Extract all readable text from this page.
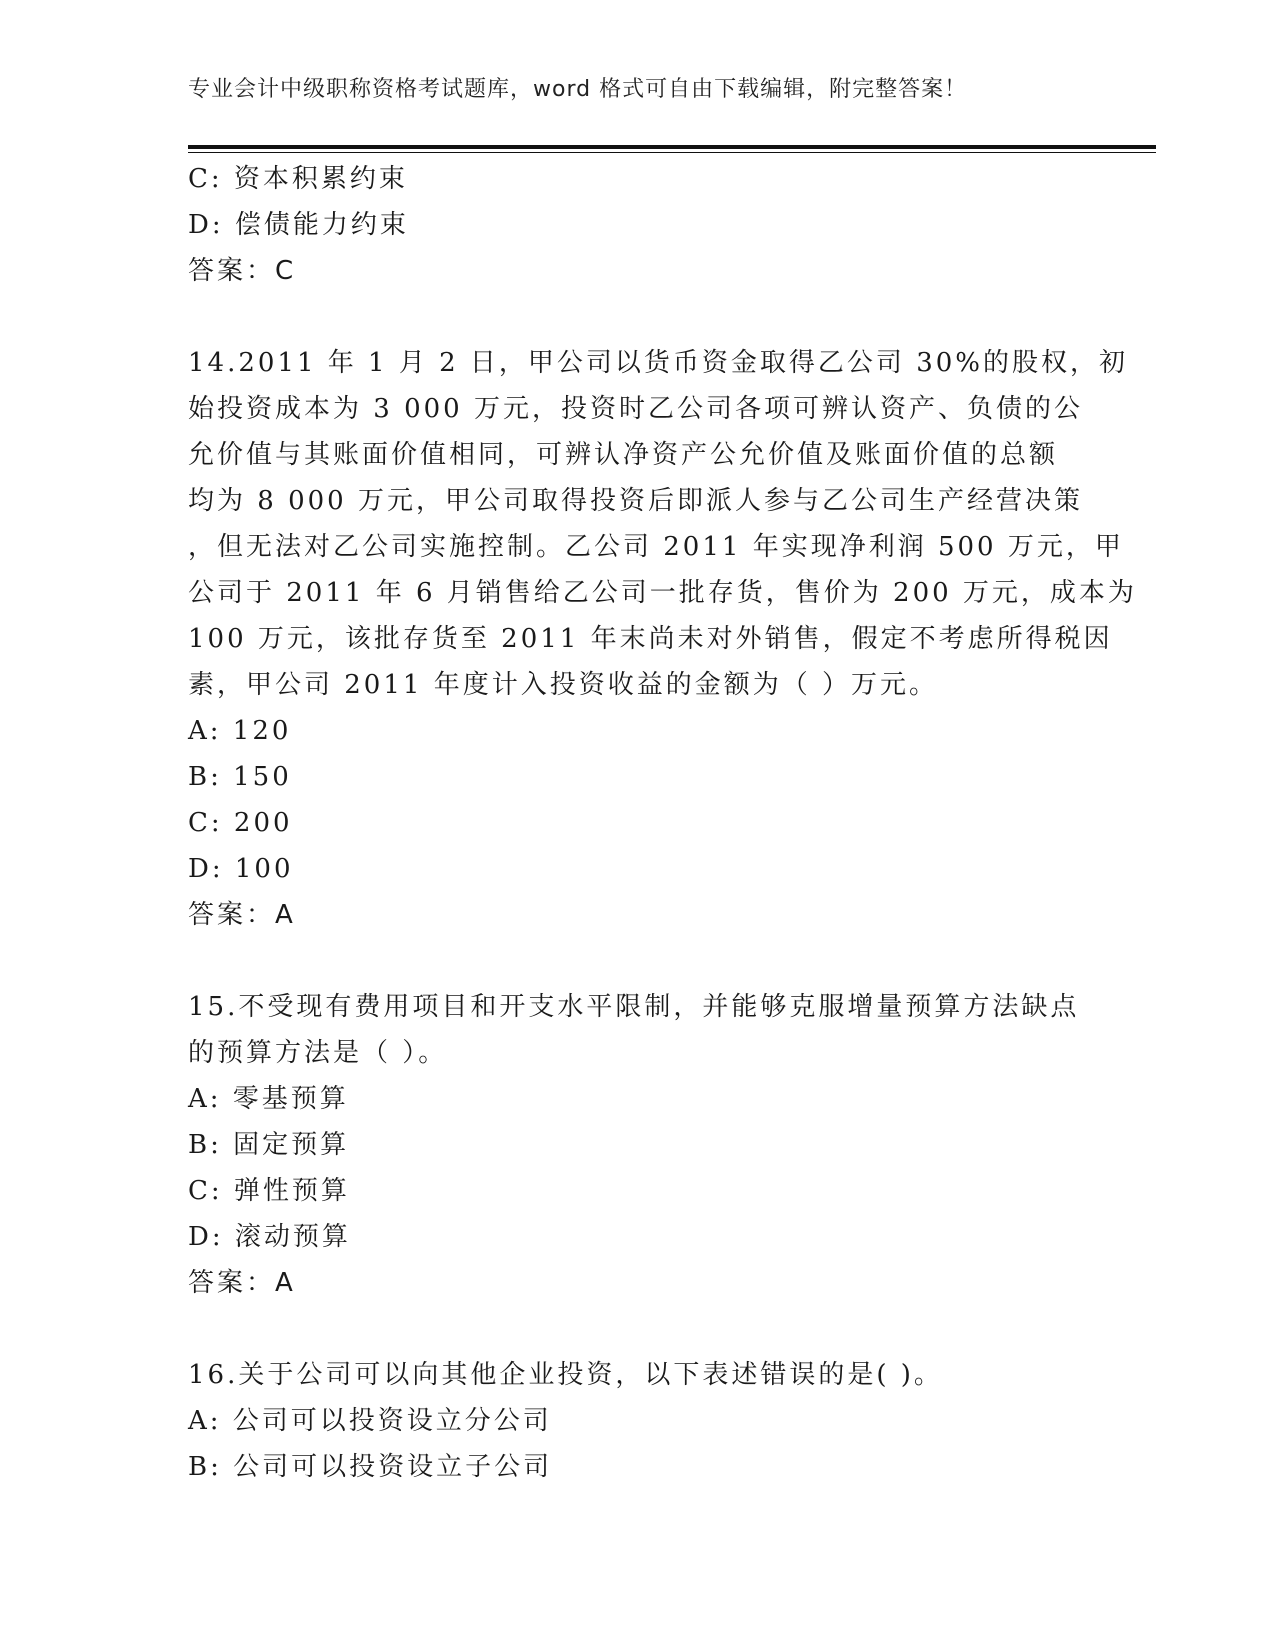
专业会计中级职称资格考试题库，word 格式可自由下载编辑，附完整答案！
C: 资本积累约束
D: 偿债能力约束
答案：C
14.2011 年 1 月 2 日，甲公司以货币资金取得乙公司 30%的股权，初
始投资成本为 3 000 万元，投资时乙公司各项可辨认资产、负债的公
允价值与其账面价值相同，可辨认净资产公允价值及账面价值的总额
均为 8 000 万元，甲公司取得投资后即派人参与乙公司生产经营决策
，但无法对乙公司实施控制。乙公司 2011 年实现净利润 500 万元，甲
公司于 2011 年 6 月销售给乙公司一批存货，售价为 200 万元，成本为
100 万元，该批存货至 2011 年末尚未对外销售，假定不考虑所得税因
素，甲公司 2011 年度计入投资收益的金额为（ ）万元。
A: 120
B: 150
C: 200
D: 100
答案：A
15.不受现有费用项目和开支水平限制，并能够克服增量预算方法缺点
的预算方法是（ ）。
A: 零基预算
B: 固定预算
C: 弹性预算
D: 滚动预算
答案：A
16.关于公司可以向其他企业投资，以下表述错误的是( )。
A: 公司可以投资设立分公司
B: 公司可以投资设立子公司
